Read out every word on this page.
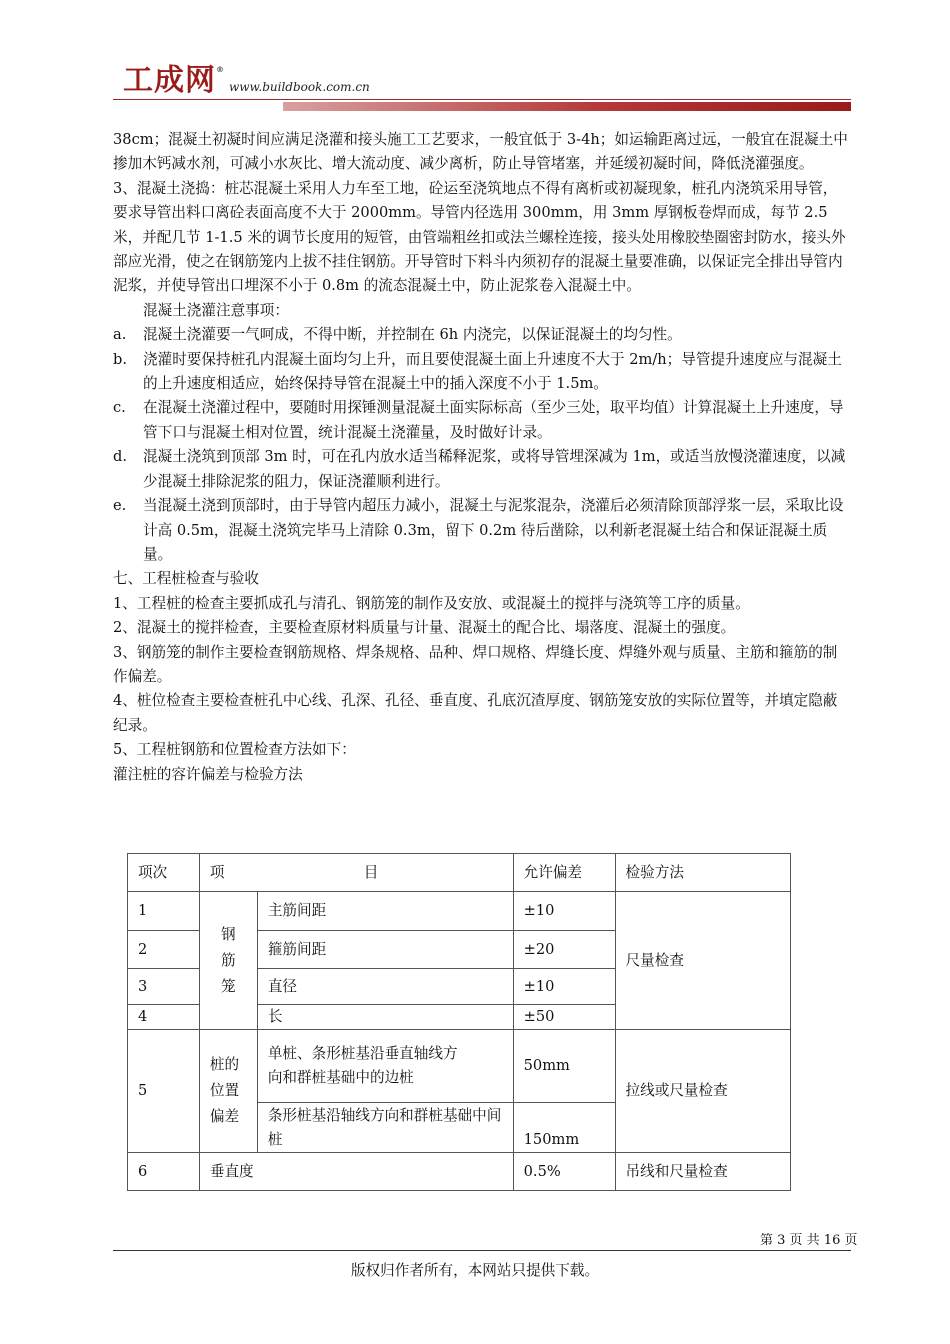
工成网®
www.buildbook.com.cn

38cm；混凝土初凝时间应满足浇灌和接头施工工艺要求，一般宜低于 3-4h；如运输距离过远，一般宜在混凝土中掺加木钙减水剂，可减小水灰比、增大流动度、减少离析，防止导管堵塞，并延缓初凝时间，降低浇灌强度。

3、混凝土浇捣：桩芯混凝土采用人力车至工地，砼运至浇筑地点不得有离析或初凝现象，桩孔内浇筑采用导管，要求导管出料口离砼表面高度不大于 2000mm。导管内径选用 300mm，用 3mm 厚钢板卷焊而成，每节 2.5 米，并配几节 1-1.5 米的调节长度用的短管，由管端粗丝扣或法兰螺栓连接，接头处用橡胶垫圈密封防水，接头外部应光滑，使之在钢筋笼内上拔不挂住钢筋。开导管时下料斗内须初存的混凝土量要准确，以保证完全排出导管内泥浆，并使导管出口埋深不小于 0.8m 的流态混凝土中，防止泥浆卷入混凝土中。

混凝土浇灌注意事项：

a.	混凝土浇灌要一气呵成，不得中断，并控制在 6h 内浇完，以保证混凝土的均匀性。
b.	浇灌时要保持桩孔内混凝土面均匀上升，而且要使混凝土面上升速度不大于 2m/h；导管提升速度应与混凝土的上升速度相适应，始终保持导管在混凝土中的插入深度不小于 1.5m。
c.	在混凝土浇灌过程中，要随时用探锤测量混凝土面实际标高（至少三处，取平均值）计算混凝土上升速度，导管下口与混凝土相对位置，统计混凝土浇灌量，及时做好计录。
d.	混凝土浇筑到顶部 3m 时，可在孔内放水适当稀释泥浆，或将导管埋深减为 1m，或适当放慢浇灌速度，以减少混凝土排除泥浆的阻力，保证浇灌顺利进行。
e.	当混凝土浇到顶部时，由于导管内超压力减小，混凝土与泥浆混杂，浇灌后必须清除顶部浮浆一层，采取比设计高 0.5m，混凝土浇筑完毕马上清除 0.3m，留下 0.2m 待后凿除，以利新老混凝土结合和保证混凝土质量。

七、工程桩检查与验收

1、工程桩的检查主要抓成孔与清孔、钢筋笼的制作及安放、或混凝土的搅拌与浇筑等工序的质量。

2、混凝土的搅拌检查，主要检查原材料质量与计量、混凝土的配合比、塌落度、混凝土的强度。

3、钢筋笼的制作主要检查钢筋规格、焊条规格、品种、焊口规格、焊缝长度、焊缝外观与质量、主筋和箍筋的制作偏差。

4、桩位检查主要检查桩孔中心线、孔深、孔径、垂直度、孔底沉渣厚度、钢筋笼安放的实际位置等，并填定隐蔽纪录。

5、工程桩钢筋和位置检查方法如下：

灌注桩的容许偏差与检验方法

项次	项 目		允许偏差	检验方法
1	钢筋笼	主筋间距	±10	尺量检查
2		箍筋间距	±20	
3		直径	±10	
4		长	±50	
5	桩的位置偏差	单桩、条形桩基沿垂直轴线方向和群桩基础中的边桩	50mm	拉线或尺量检查

		条形桩基沿轴线方向和群桩基础中间桩	150mm	
6	垂直度		0.5%	吊线和尺量检查
第 3 页 共 16 页
版权归作者所有，本网站只提供下载。
